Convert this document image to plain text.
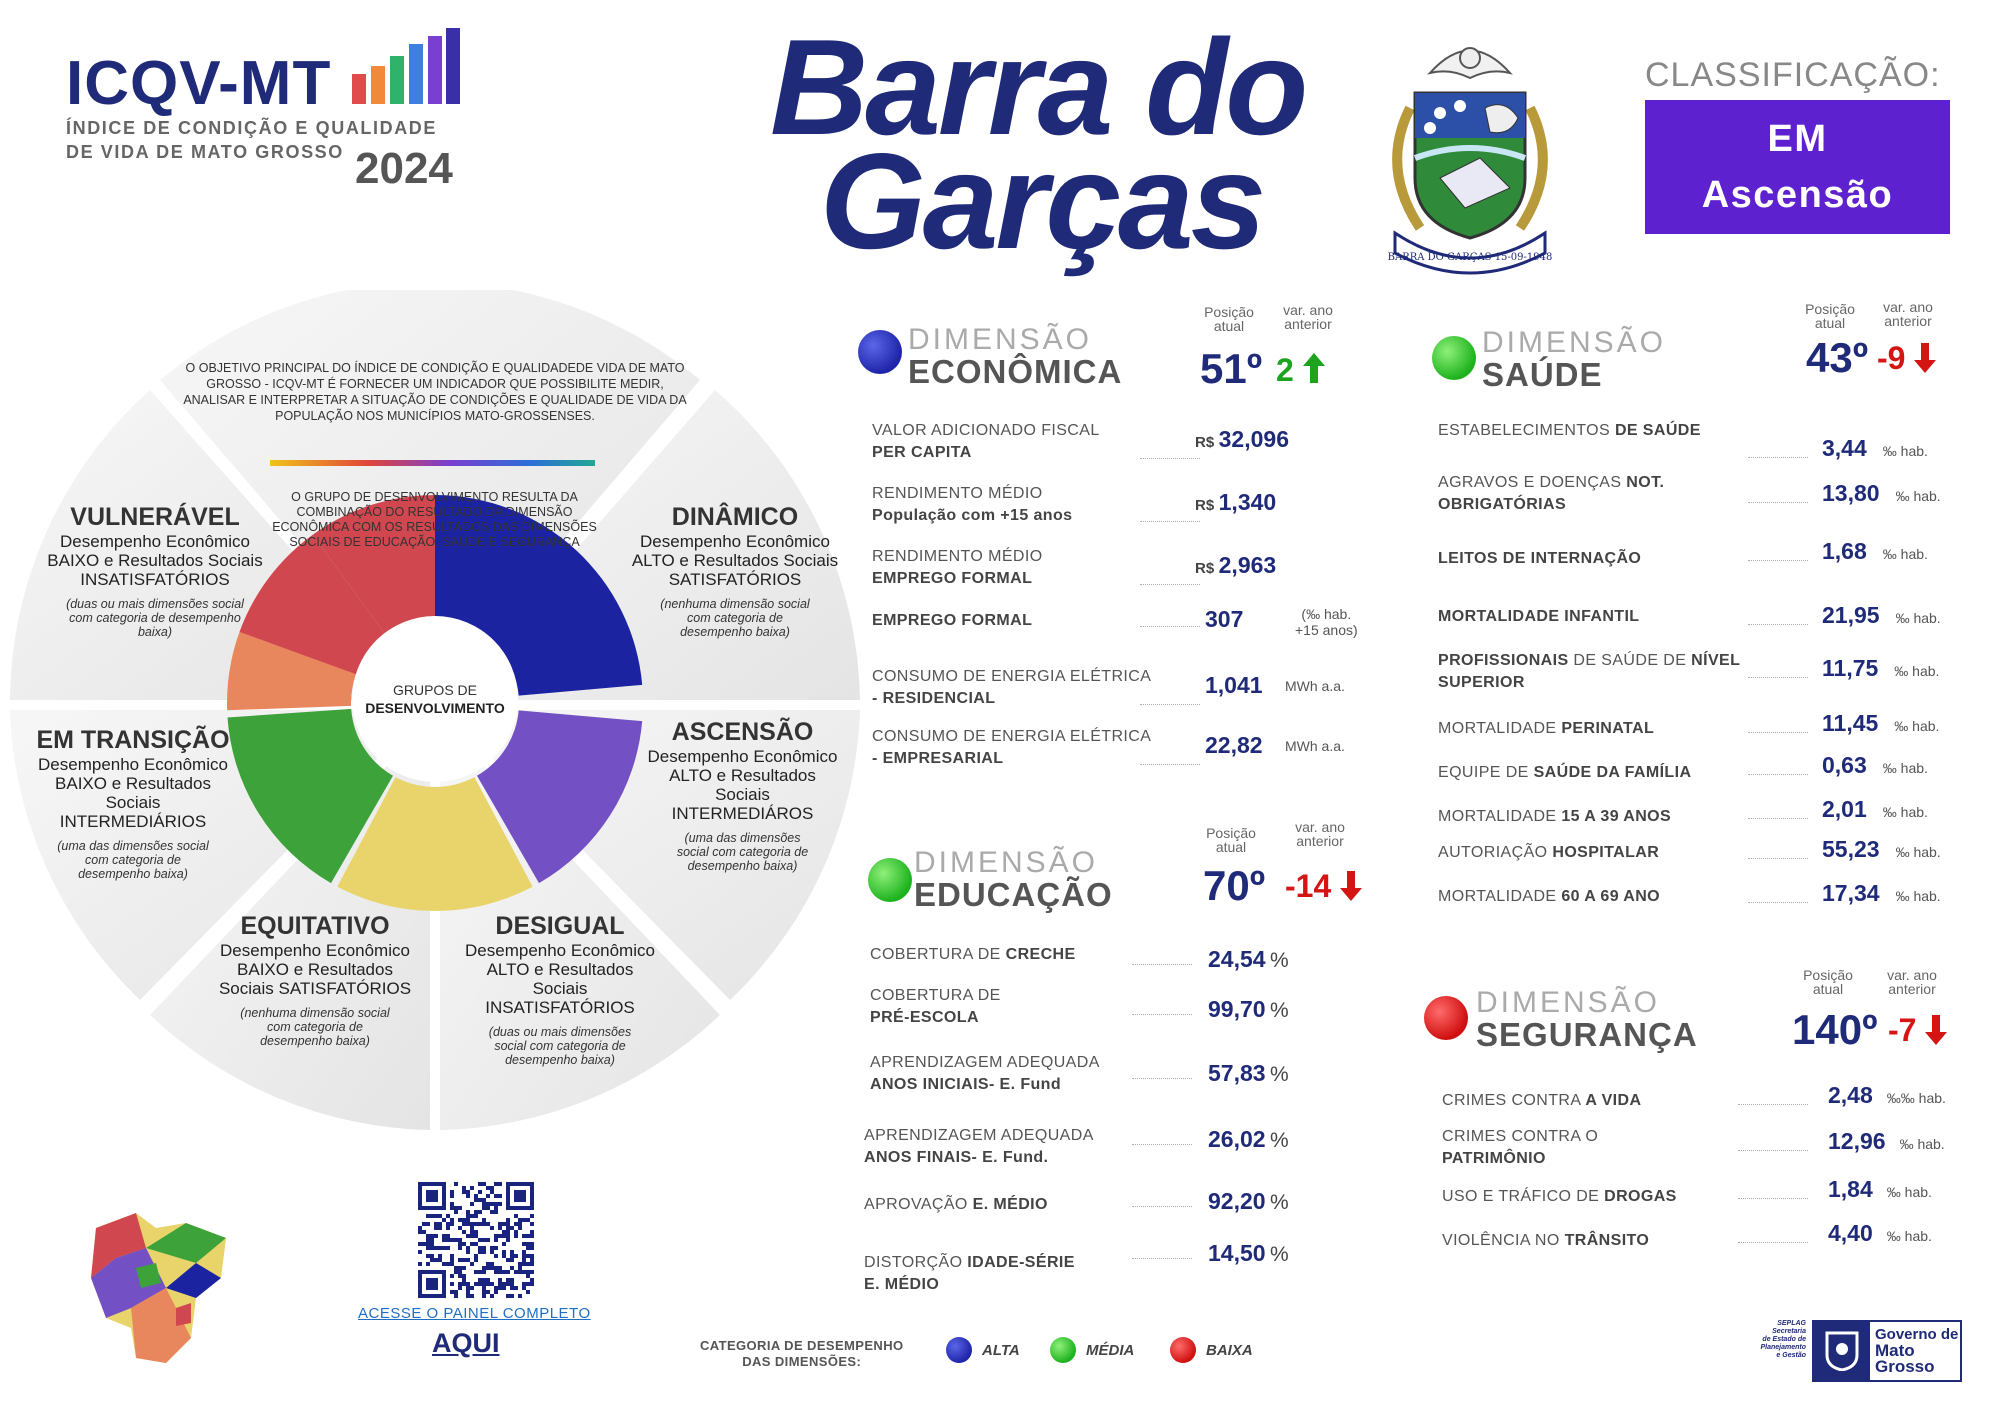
ICQV-MT
ÍNDICE DE CONDIÇÃO E QUALIDADE
DE VIDA DE MATO GROSSO 2024
Barra do
Garças	BARRA DO GARÇAS 15-09-1948
CLASSIFICAÇÃO:
EM
Ascensão
O OBJETIVO PRINCIPAL DO ÍNDICE DE CONDIÇÃO E QUALIDADEDE VIDA DE MATO GROSSO - ICQV-MT É FORNECER UM INDICADOR QUE POSSIBILITE MEDIR, ANALISAR E INTERPRETAR A SITUAÇÃO DE CONDIÇÕES E QUALIDADE DE VIDA DA POPULAÇÃO NOS MUNICÍPIOS MATO-GROSSENSES.
O GRUPO DE DESENVOLVIMENTO RESULTA DA COMBINAÇÃO DO RESULTADO DA DIMENSÃO ECONÔMICA COM OS RESULTADOS DAS DIMENSÕES SOCIAIS DE EDUCAÇÃO, SAÚDE E SEGURANÇA
VULNERÁVEL
Desempenho Econômico BAIXO e Resultados Sociais INSATISFATÓRIOS
(duas ou mais dimensões social com categoria de desempenho baixa)
DINÂMICO
Desempenho Econômico ALTO e Resultados Sociais SATISFATÓRIOS
(nenhuma dimensão social com categoria de desempenho baixa)
EM TRANSIÇÃO
Desempenho Econômico BAIXO e Resultados Sociais INTERMEDIÁRIOS
(uma das dimensões social com categoria de desempenho baixa)
ASCENSÃO
Desempenho Econômico ALTO e Resultados Sociais INTERMEDIÁROS
(uma das dimensões social com categoria de desempenho baixa)
EQUITATIVO
Desempenho Econômico BAIXO e Resultados Sociais SATISFATÓRIOS
(nenhuma dimensão social com categoria de desempenho baixa)
DESIGUAL
Desempenho Econômico ALTO e Resultados Sociais INSATISFATÓRIOS
(duas ou mais dimensões social com categoria de desempenho baixa)
GRUPOS DE
DESENVOLVIMENTO
DIMENSÃO
ECONÔMICA
Posição
atual
var. ano
anterior
51º 2
VALOR ADICIONADO FISCAL
PER CAPITA
R$ 32,096
RENDIMENTO MÉDIO
População com +15 anos
R$ 1,340
RENDIMENTO MÉDIO
EMPREGO FORMAL
R$ 2,963
EMPREGO FORMAL	307	(‰ hab.
+15 anos)
CONSUMO DE ENERGIA ELÉTRICA
- RESIDENCIAL
1,041 MWh a.a.
CONSUMO DE ENERGIA ELÉTRICA
- EMPRESARIAL
22,82 MWh a.a.
DIMENSÃO
EDUCAÇÃO
Posição
atual
var. ano
anterior
70º -14
COBERTURA DE CRECHE	24,54 %
COBERTURA DE
PRÉ-ESCOLA	99,70 %
APRENDIZAGEM ADEQUADA
ANOS INICIAIS- E. Fund	57,83 %
APRENDIZAGEM ADEQUADA
ANOS FINAIS- E. Fund.
26,02 %
APROVAÇÃO E. MÉDIO	92,20 %
DISTORÇÃO IDADE-SÉRIE
E. MÉDIO
14,50 %
DIMENSÃO
SAÚDE
Posição
atual
var. ano
anterior
43º -9
ESTABELECIMENTOS DE SAÚDE
3,44 ‰ hab.
AGRAVOS E DOENÇAS NOT.
OBRIGATÓRIAS	13,80 ‰ hab.
LEITOS DE INTERNAÇÃO	1,68 ‰ hab.
MORTALIDADE INFANTIL	21,95 ‰ hab.
PROFISSIONAIS DE SAÚDE DE NÍVEL
SUPERIOR
11,75 ‰ hab.
MORTALIDADE PERINATAL	11,45 ‰ hab.
EQUIPE DE SAÚDE DA FAMÍLIA	0,63 ‰ hab.
MORTALIDADE 15 A 39 ANOS	2,01 ‰ hab.
AUTORIAÇÃO HOSPITALAR	55,23 ‰ hab.
MORTALIDADE 60 A 69 ANO	17,34 ‰ hab.
DIMENSÃO
SEGURANÇA
Posição
atual
var. ano
anterior
140º -7
CRIMES CONTRA A VIDA	2,48 ‰‰ hab.
CRIMES CONTRA O
PATRIMÔNIO
12,96 ‰ hab.
USO E TRÁFICO DE DROGAS	1,84 ‰ hab.
VIOLÊNCIA NO TRÂNSITO	4,40 ‰ hab.
ACESSE O PAINEL COMPLETO
AQUI	CATEGORIA DE DESEMPENHO
DAS DIMENSÕES:
ALTA	MÉDIA	BAIXA
SEPLAG
Secretaria
de Estado de
Planejamento
e Gestão
Governo de
Mato
Grosso
